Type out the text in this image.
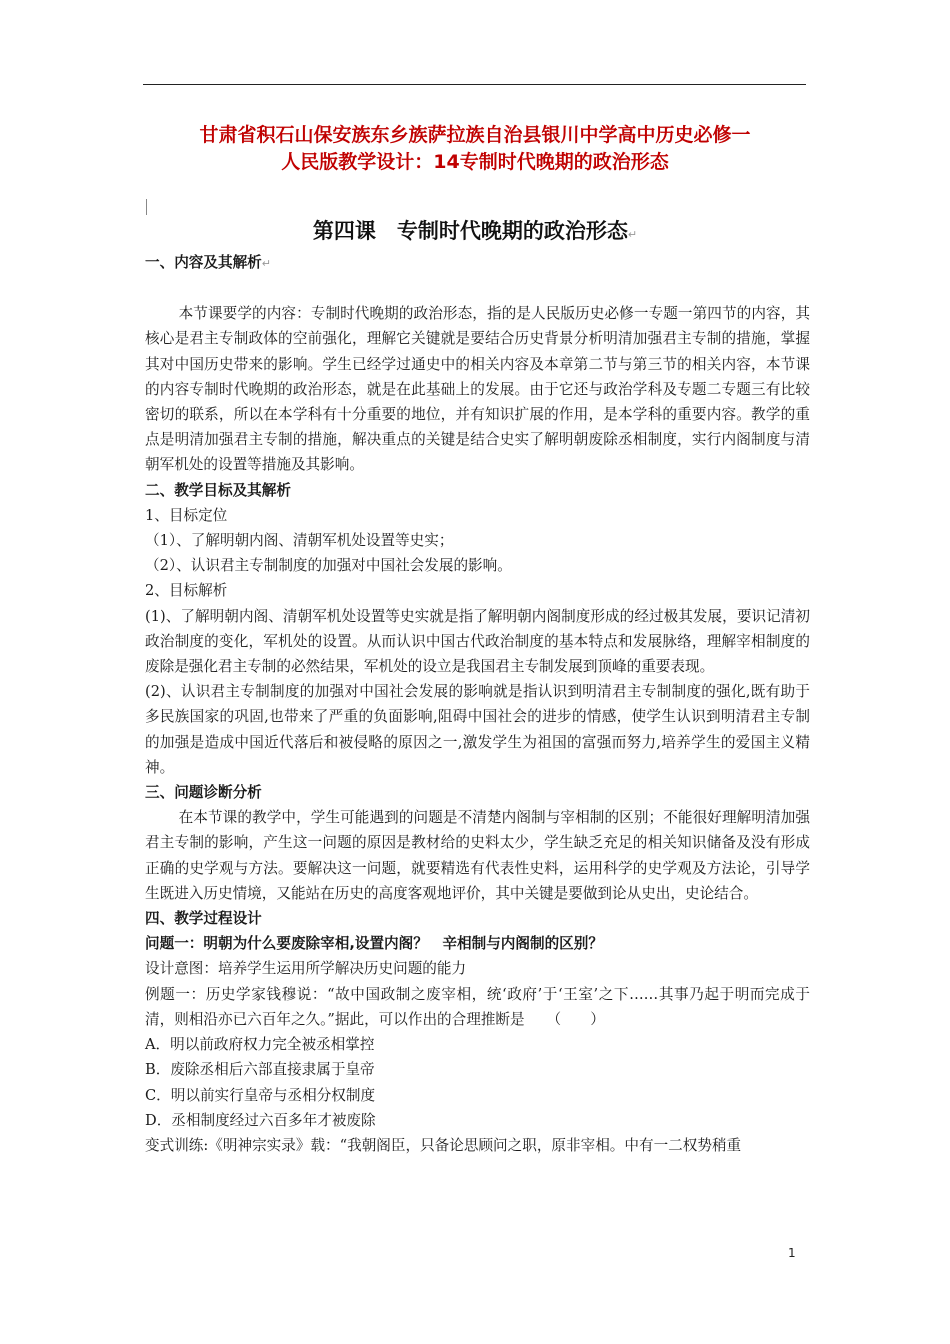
甘肃省积石山保安族东乡族萨拉族自治县银川中学高中历史必修一
人民版教学设计：14专制时代晚期的政治形态
第四课　专制时代晚期的政治形态↵
一、内容及其解析↵

本节课要学的内容：专制时代晚期的政治形态，指的是人民版历史必修一专题一第四节的内容，其核心是君主专制政体的空前强化，理解它关键就是要结合历史背景分析明清加强君主专制的措施，掌握其对中国历史带来的影响。学生已经学过通史中的相关内容及本章第二节与第三节的相关内容，本节课的内容专制时代晚期的政治形态，就是在此基础上的发展。由于它还与政治学科及专题二专题三有比较密切的联系，所以在本学科有十分重要的地位，并有知识扩展的作用，是本学科的重要内容。教学的重点是明清加强君主专制的措施，解决重点的关键是结合史实了解明朝废除丞相制度，实行内阁制度与清朝军机处的设置等措施及其影响。

二、教学目标及其解析

1、目标定位

（1）、了解明朝内阁、清朝军机处设置等史实；

（2）、认识君主专制制度的加强对中国社会发展的影响。

2、目标解析

(1)、了解明朝内阁、清朝军机处设置等史实就是指了解明朝内阁制度形成的经过极其发展，要识记清初政治制度的变化，军机处的设置。从而认识中国古代政治制度的基本特点和发展脉络，理解宰相制度的废除是强化君主专制的必然结果，军机处的设立是我国君主专制发展到顶峰的重要表现。

(2)、认识君主专制制度的加强对中国社会发展的影响就是指认识到明清君主专制制度的强化,既有助于多民族国家的巩固,也带来了严重的负面影响,阻碍中国社会的进步的情感，使学生认识到明清君主专制的加强是造成中国近代落后和被侵略的原因之一,激发学生为祖国的富强而努力,培养学生的爱国主义精神。

三、问题诊断分析

在本节课的教学中，学生可能遇到的问题是不清楚内阁制与宰相制的区别；不能很好理解明清加强君主专制的影响，产生这一问题的原因是教材给的史料太少，学生缺乏充足的相关知识储备及没有形成正确的史学观与方法。要解决这一问题，就要精选有代表性史料，运用科学的史学观及方法论，引导学生既进入历史情境，又能站在历史的高度客观地评价，其中关键是要做到论从史出，史论结合。

四、教学过程设计
问题一：明朝为什么要废除宰相,设置内阁？　辛相制与内阁制的区别？

设计意图：培养学生运用所学解决历史问题的能力

例题一：历史学家钱穆说：“故中国政制之废宰相，统‘政府’于‘王室’之下……其事乃起于明而完成于清，则相沿亦已六百年之久。”据此，可以作出的合理推断是　　（　　）

A．明以前政府权力完全被丞相掌控

B．废除丞相后六部直接隶属于皇帝

C．明以前实行皇帝与丞相分权制度

D．丞相制度经过六百多年才被废除

变式训练:《明神宗实录》载：“我朝阁臣，只备论思顾问之职，原非宰相。中有一二权势稍重

1
